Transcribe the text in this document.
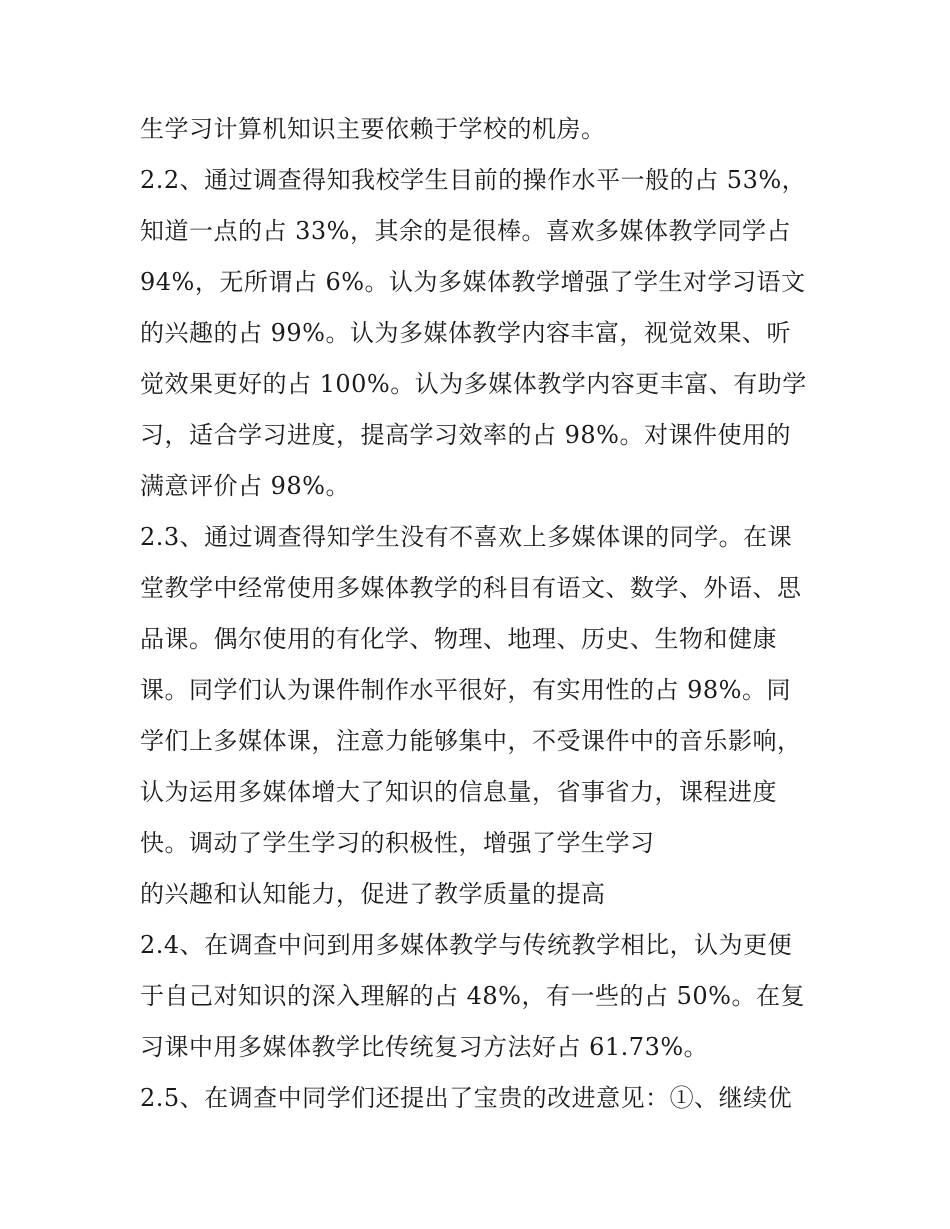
生学习计算机知识主要依赖于学校的机房。
2.2、通过调查得知我校学生目前的操作水平一般的占 53%，
知道一点的占 33%，其余的是很棒。喜欢多媒体教学同学占
94%，无所谓占 6%。认为多媒体教学增强了学生对学习语文
的兴趣的占 99%。认为多媒体教学内容丰富，视觉效果、听
觉效果更好的占 100%。认为多媒体教学内容更丰富、有助学
习，适合学习进度，提高学习效率的占 98%。对课件使用的
满意评价占 98%。
2.3、通过调查得知学生没有不喜欢上多媒体课的同学。在课
堂教学中经常使用多媒体教学的科目有语文、数学、外语、思
品课。偶尔使用的有化学、物理、地理、历史、生物和健康
课。同学们认为课件制作水平很好，有实用性的占 98%。同
学们上多媒体课，注意力能够集中，不受课件中的音乐影响，
认为运用多媒体增大了知识的信息量，省事省力，课程进度
快。调动了学生学习的积极性，增强了学生学习
的兴趣和认知能力，促进了教学质量的提高
2.4、在调查中问到用多媒体教学与传统教学相比，认为更便
于自己对知识的深入理解的占 48%，有一些的占 50%。在复
习课中用多媒体教学比传统复习方法好占 61.73%。
2.5、在调查中同学们还提出了宝贵的改进意见：①、继续优
